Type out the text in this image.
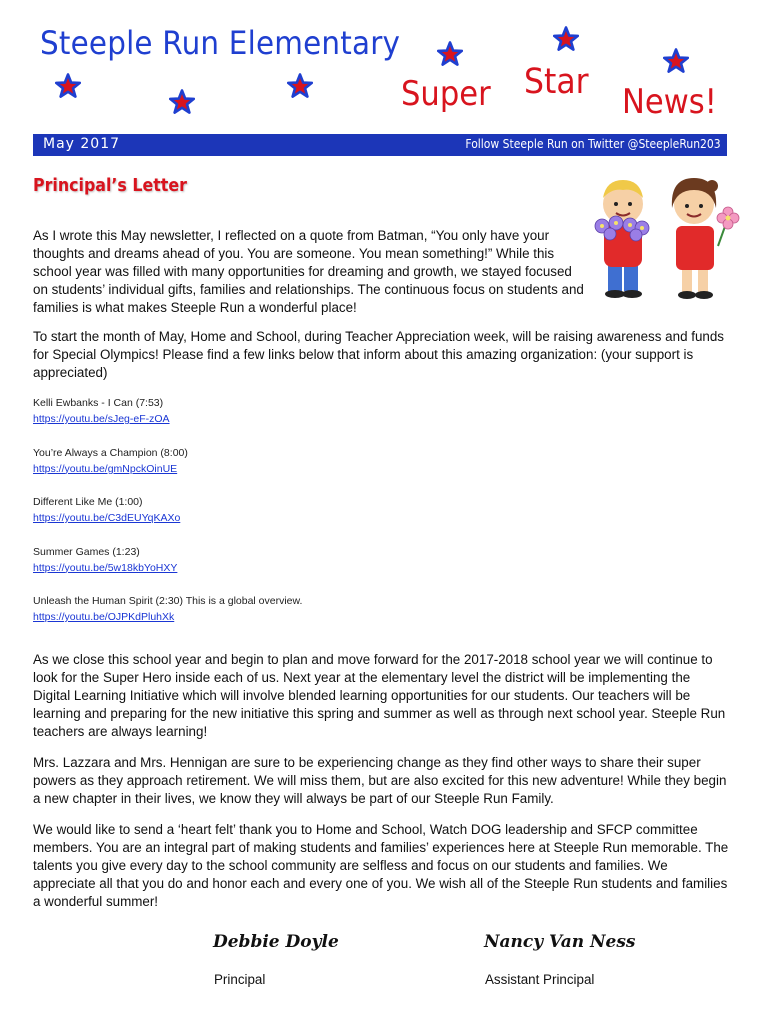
Steeple Run Elementary
Super Star News!
May 2017	Follow Steeple Run on Twitter @SteepleRun203
Principal’s Letter
As I wrote this May newsletter, I reflected on a quote from Batman, “You only have your thoughts and dreams ahead of you. You are someone. You mean something!” While this school year was filled with many opportunities for dreaming and growth, we stayed focused on students’ individual gifts, families and relationships. The continuous focus on students and families is what makes Steeple Run a wonderful place!
To start the month of May, Home and School, during Teacher Appreciation week, will be raising awareness and funds for Special Olympics! Please find a few links below that inform about this amazing organization: (your support is appreciated)
Kelli Ewbanks - I Can (7:53)
https://youtu.be/sJeg-eF-zOA
You’re Always a Champion (8:00)
https://youtu.be/gmNpckOinUE
Different Like Me (1:00)
https://youtu.be/C3dEUYqKAXo
Summer Games (1:23)
https://youtu.be/5w18kbYoHXY
Unleash the Human Spirit (2:30) This is a global overview.
https://youtu.be/OJPKdPluhXk
As we close this school year and begin to plan and move forward for the 2017-2018 school year we will continue to look for the Super Hero inside each of us. Next year at the elementary level the district will be implementing the Digital Learning Initiative which will involve blended learning opportunities for our students. Our teachers will be learning and preparing for the new initiative this spring and summer as well as through next school year. Steeple Run teachers are always learning!
Mrs. Lazzara and Mrs. Hennigan are sure to be experiencing change as they find other ways to share their super powers as they approach retirement. We will miss them, but are also excited for this new adventure! While they begin a new chapter in their lives, we know they will always be part of our Steeple Run Family.
We would like to send a ‘heart felt’ thank you to Home and School, Watch DOG leadership and SFCP committee members. You are an integral part of making students and families’ experiences here at Steeple Run memorable. The talents you give every day to the school community are selfless and focus on our students and families. We appreciate all that you do and honor each and every one of you. We wish all of the Steeple Run students and families a wonderful summer!
Debbie Doyle	Nancy Van Ness
Principal	Assistant Principal
